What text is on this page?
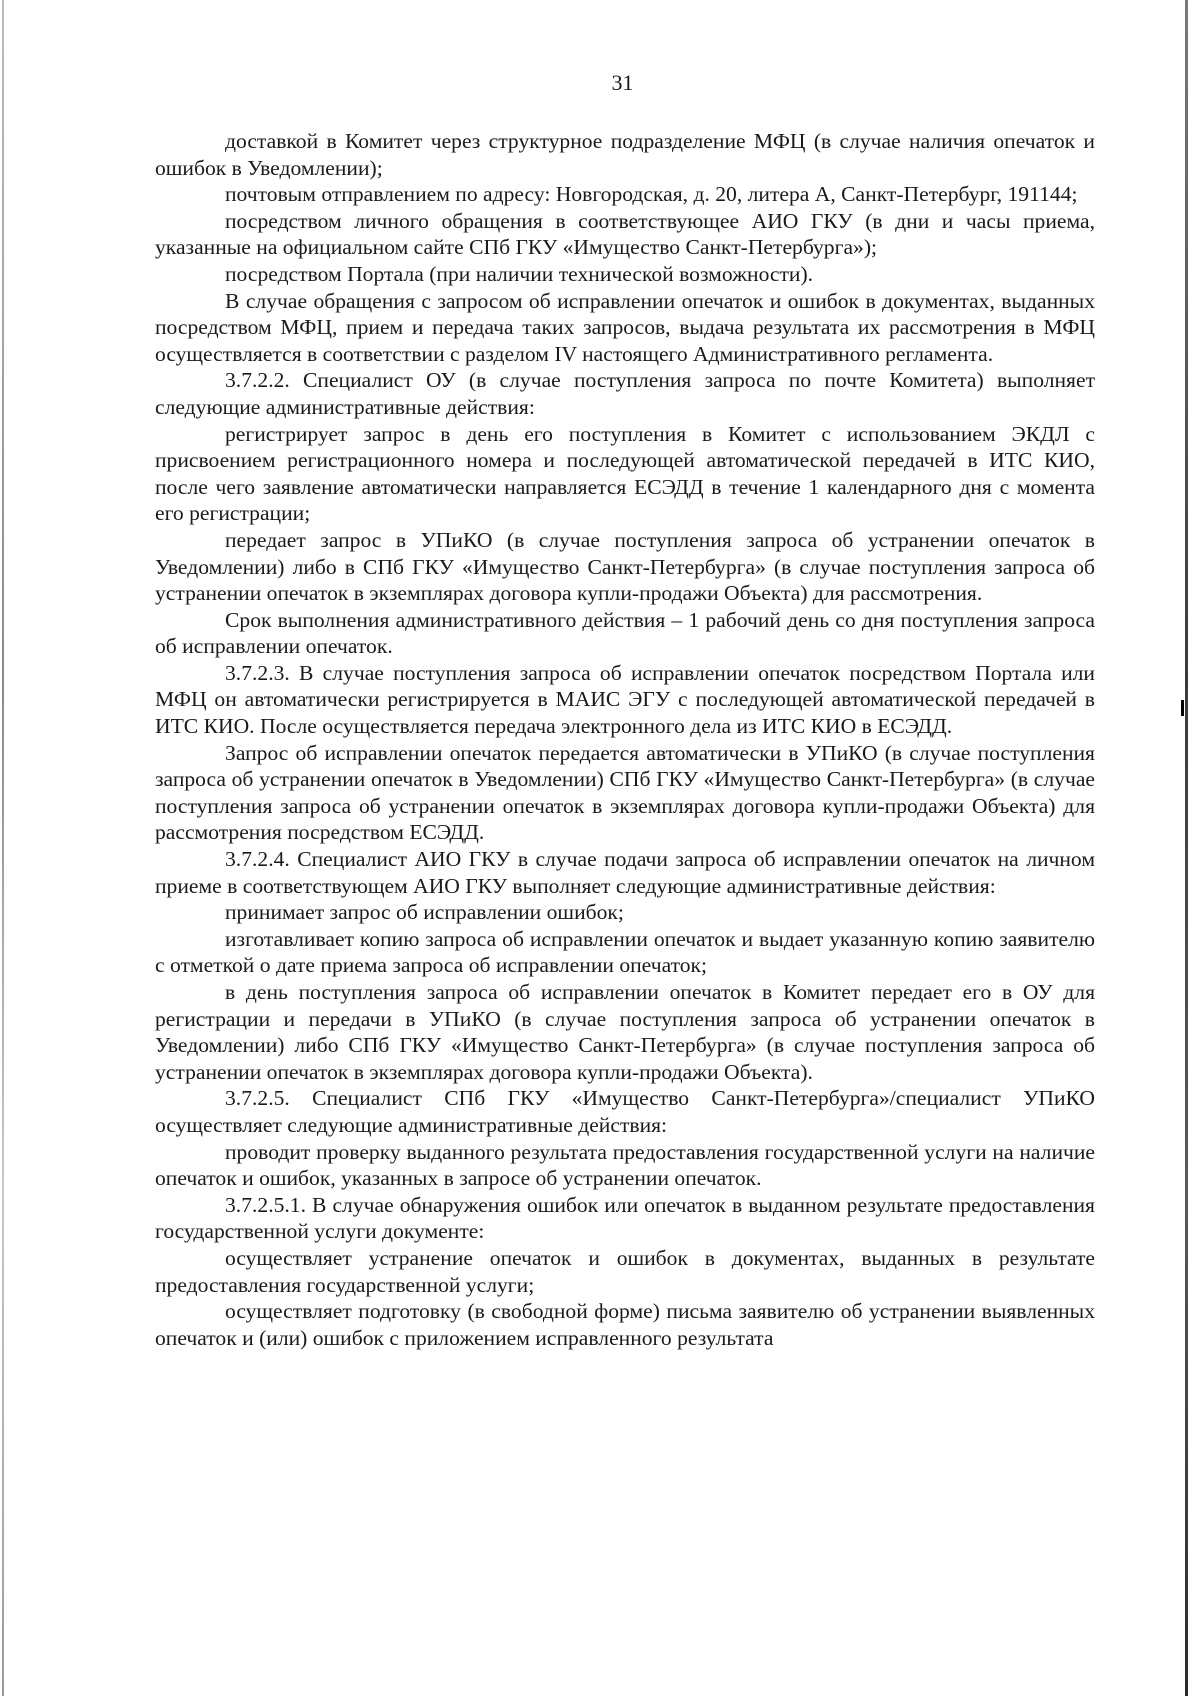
31

доставкой в Комитет через структурное подразделение МФЦ (в случае наличия опечаток и ошибок в Уведомлении);

почтовым отправлением по адресу: Новгородская, д. 20, литера А, Санкт-Петербург, 191144;

посредством личного обращения в соответствующее АИО ГКУ (в дни и часы приема, указанные на официальном сайте СПб ГКУ «Имущество Санкт-Петербурга»);

посредством Портала (при наличии технической возможности).

В случае обращения с запросом об исправлении опечаток и ошибок в документах, выданных посредством МФЦ, прием и передача таких запросов, выдача результата их рассмотрения в МФЦ осуществляется в соответствии с разделом IV настоящего Административного регламента.

3.7.2.2. Специалист ОУ (в случае поступления запроса по почте Комитета) выполняет следующие административные действия:

регистрирует запрос в день его поступления в Комитет с использованием ЭКДЛ с присвоением регистрационного номера и последующей автоматической передачей в ИТС КИО, после чего заявление автоматически направляется ЕСЭДД в течение 1 календарного дня с момента его регистрации;

передает запрос в УПиКО (в случае поступления запроса об устранении опечаток в Уведомлении) либо в СПб ГКУ «Имущество Санкт-Петербурга» (в случае поступления запроса об устранении опечаток в экземплярах договора купли-продажи Объекта) для рассмотрения.

Срок выполнения административного действия – 1 рабочий день со дня поступления запроса об исправлении опечаток.

3.7.2.3. В случае поступления запроса об исправлении опечаток посредством Портала или МФЦ он автоматически регистрируется в МАИС ЭГУ с последующей автоматической передачей в ИТС КИО. После осуществляется передача электронного дела из ИТС КИО в ЕСЭДД.

Запрос об исправлении опечаток передается автоматически в УПиКО (в случае поступления запроса об устранении опечаток в Уведомлении) СПб ГКУ «Имущество Санкт-Петербурга» (в случае поступления запроса об устранении опечаток в экземплярах договора купли-продажи Объекта) для рассмотрения посредством ЕСЭДД.

3.7.2.4. Специалист АИО ГКУ в случае подачи запроса об исправлении опечаток на личном приеме в соответствующем АИО ГКУ выполняет следующие административные действия:

принимает запрос об исправлении ошибок;

изготавливает копию запроса об исправлении опечаток и выдает указанную копию заявителю с отметкой о дате приема запроса об исправлении опечаток;

в день поступления запроса об исправлении опечаток в Комитет передает его в ОУ для регистрации и передачи в УПиКО (в случае поступления запроса об устранении опечаток в Уведомлении) либо СПб ГКУ «Имущество Санкт-Петербурга» (в случае поступления запроса об устранении опечаток в экземплярах договора купли-продажи Объекта).

3.7.2.5. Специалист СПб ГКУ «Имущество Санкт-Петербурга»/специалист УПиКО осуществляет следующие административные действия:

проводит проверку выданного результата предоставления государственной услуги на наличие опечаток и ошибок, указанных в запросе об устранении опечаток.

3.7.2.5.1. В случае обнаружения ошибок или опечаток в выданном результате предоставления государственной услуги документе:

осуществляет устранение опечаток и ошибок в документах, выданных в результате предоставления государственной услуги;

осуществляет подготовку (в свободной форме) письма заявителю об устранении выявленных опечаток и (или) ошибок с приложением исправленного результата
